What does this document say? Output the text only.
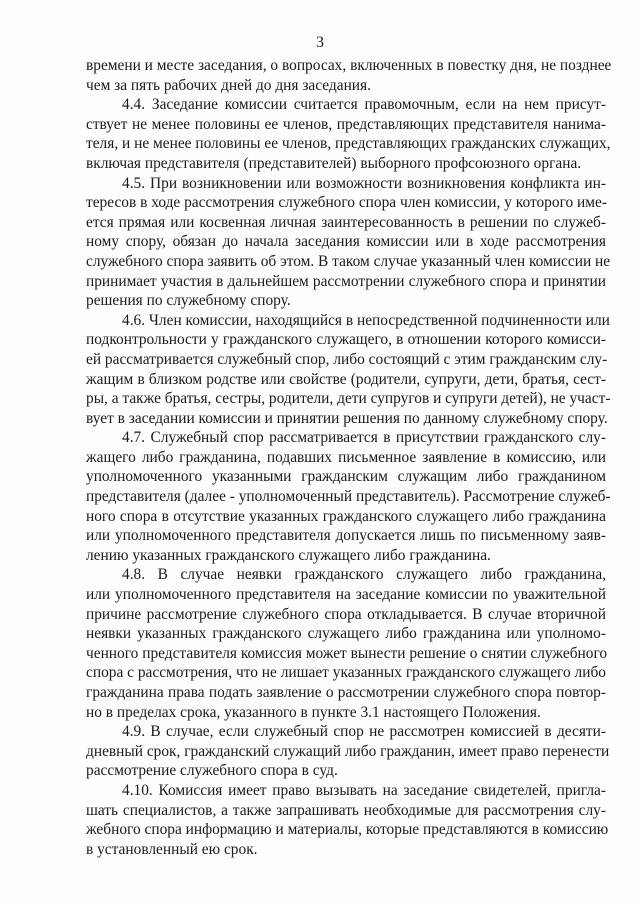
3
времени и месте заседания, о вопросах, включенных в повестку дня, не позднее
чем за пять рабочих дней до дня заседания.
4.4. Заседание комиссии считается правомочным, если на нем присут-
ствует не менее половины ее членов, представляющих представителя нанима-
теля, и не менее половины ее членов, представляющих гражданских служащих,
включая представителя (представителей) выборного профсоюзного органа.
4.5. При возникновении или возможности возникновения конфликта ин-
тересов в ходе рассмотрения служебного спора член комиссии, у которого име-
ется прямая или косвенная личная заинтересованность в решении по служеб-
ному спору, обязан до начала заседания комиссии или в ходе рассмотрения
служебного спора заявить об этом. В таком случае указанный член комиссии не
принимает участия в дальнейшем рассмотрении служебного спора и принятии
решения по служебному спору.
4.6. Член комиссии, находящийся в непосредственной подчиненности или
подконтрольности у гражданского служащего, в отношении которого комисси-
ей рассматривается служебный спор, либо состоящий с этим гражданским слу-
жащим в близком родстве или свойстве (родители, супруги, дети, братья, сест-
ры, а также братья, сестры, родители, дети супругов и супруги детей), не участ-
вует в заседании комиссии и принятии решения по данному служебному спору.
4.7. Служебный спор рассматривается в присутствии гражданского слу-
жащего либо гражданина, подавших письменное заявление в комиссию, или
уполномоченного указанными гражданским служащим либо гражданином
представителя (далее - уполномоченный представитель). Рассмотрение служеб-
ного спора в отсутствие указанных гражданского служащего либо гражданина
или уполномоченного представителя допускается лишь по письменному заяв-
лению указанных гражданского служащего либо гражданина.
4.8. В случае неявки гражданского служащего либо гражданина,
или уполномоченного представителя на заседание комиссии по уважительной
причине рассмотрение служебного спора откладывается. В случае вторичной
неявки указанных гражданского служащего либо гражданина или уполномо-
ченного представителя комиссия может вынести решение о снятии служебного
спора с рассмотрения, что не лишает указанных гражданского служащего либо
гражданина права подать заявление о рассмотрении служебного спора повтор-
но в пределах срока, указанного в пункте 3.1 настоящего Положения.
4.9. В случае, если служебный спор не рассмотрен комиссией в десяти-
дневный срок, гражданский служащий либо гражданин, имеет право перенести
рассмотрение служебного спора в суд.
4.10. Комиссия имеет право вызывать на заседание свидетелей, пригла-
шать специалистов, а также запрашивать необходимые для рассмотрения слу-
жебного спора информацию и материалы, которые представляются в комиссию
в установленный ею срок.
